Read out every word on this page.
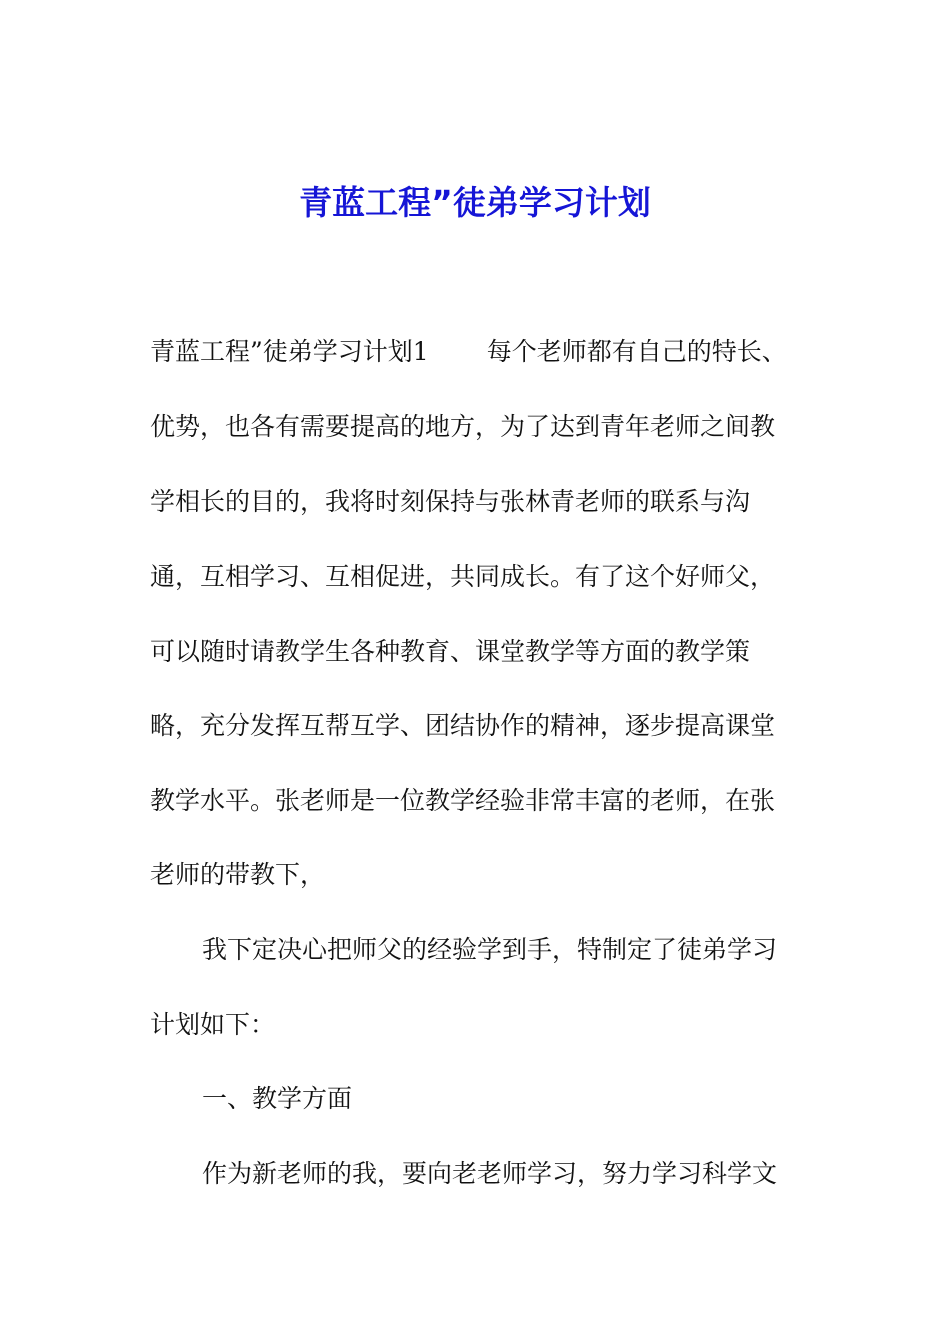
青蓝工程”徒弟学习计划

青蓝工程”徒弟学习计划1 每个老师都有自己的特长、

优势，也各有需要提高的地方，为了达到青年老师之间教

学相长的目的，我将时刻保持与张林青老师的联系与沟

通，互相学习、互相促进，共同成长。有了这个好师父，

可以随时请教学生各种教育、课堂教学等方面的教学策

略，充分发挥互帮互学、团结协作的精神，逐步提高课堂

教学水平。张老师是一位教学经验非常丰富的老师，在张

老师的带教下，

我下定决心把师父的经验学到手，特制定了徒弟学习

计划如下：

一、教学方面

作为新老师的我，要向老老师学习，努力学习科学文
